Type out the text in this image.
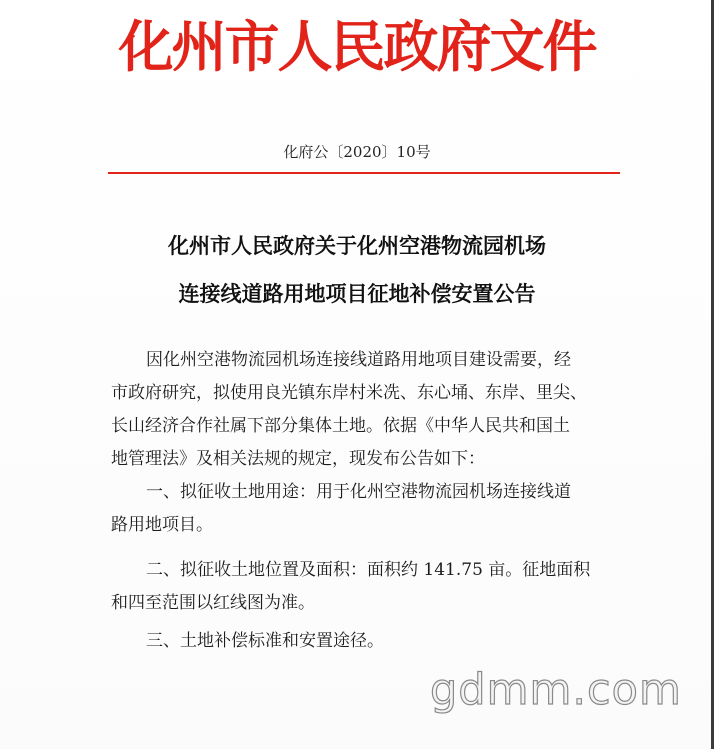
化州市人民政府文件
化府公〔2020〕10号
化州市人民政府关于化州空港物流园机场
连接线道路用地项目征地补偿安置公告
因化州空港物流园机场连接线道路用地项目建设需要，经
市政府研究，拟使用良光镇东岸村米冼、东心埇、东岸、里尖、
长山经济合作社属下部分集体土地。依据《中华人民共和国土
地管理法》及相关法规的规定，现发布公告如下：
一、拟征收土地用途：用于化州空港物流园机场连接线道
路用地项目。
二、拟征收土地位置及面积：面积约 141.75 亩。征地面积
和四至范围以红线图为准。
三、土地补偿标准和安置途径。
gdmm.com
